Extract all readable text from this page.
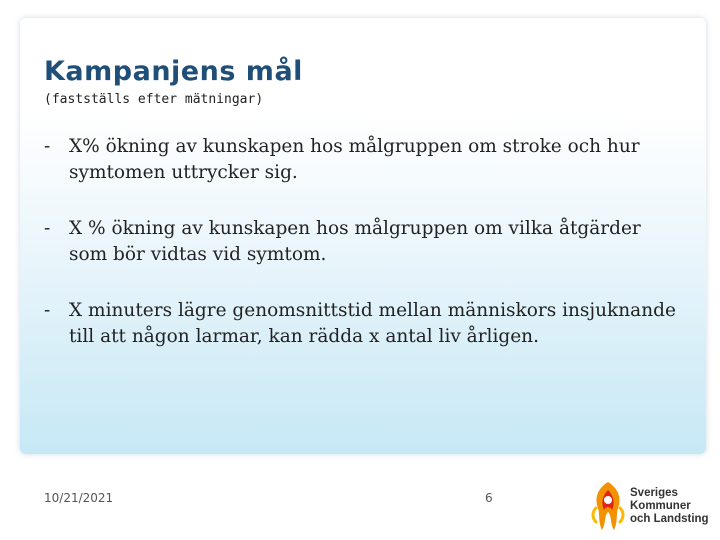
Kampanjens mål
(fastställs efter mätningar)
- X% ökning av kunskapen hos målgruppen om stroke och hur symtomen uttrycker sig.
- X % ökning av kunskapen hos målgruppen om vilka åtgärder som bör vidtas vid symtom.
- X minuters lägre genomsnittstid mellan människors insjuknande till att någon larmar, kan rädda x antal liv årligen.
10/21/2021	6	Sveriges
Kommuner
och Landsting
